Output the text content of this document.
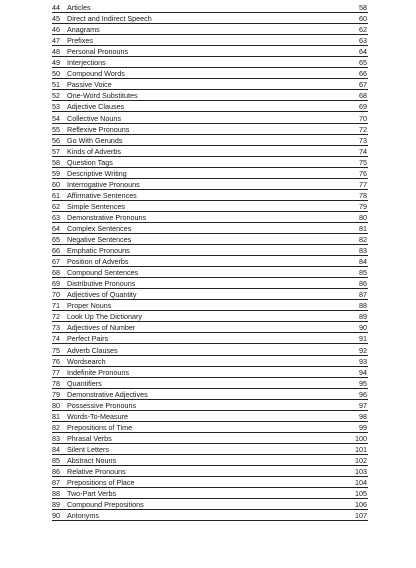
44 Articles	58
45 Direct and Indirect Speech	60
46 Anagrams	62
47 Prefixes	63
48 Personal Pronouns	64
49 Interjections	65
50 Compound Words	66
51 Passive Voice	67
52 One-Word Substitutes	68
53 Adjective Clauses	69
54 Collective Nouns	70
55 Reflexive Pronouns	72
56 Go With Gerunds	73
57 Kinds of Adverbs	74
58 Question Tags	75
59 Descriptive Writing	76
60 Interrogative Pronouns	77
61 Affirmative Sentences	78
62 Simple Sentences	79
63 Demonstrative Pronouns	80
64 Complex Sentences	81
65 Negative Sentences	82
66 Emphatic Pronouns	83
67 Position of Adverbs	84
68 Compound Sentences	85
69 Distributive Pronouns	86
70 Adjectives of Quantity	87
71 Proper Nouns	88
72 Look Up The Dictionary	89
73 Adjectives of Number	90
74 Perfect Pairs	91
75 Adverb Clauses	92
76 Wordsearch	93
77 Indefinite Pronouns	94
78 Quantifiers	95
79 Demonstrative Adjectives	96
80 Possessive Pronouns	97
81 Words-To-Measure	98
82 Prepositions of Time	99
83 Phrasal Verbs	100
84 Silent Letters	101
85 Abstract Nouns	102
86 Relative Pronouns	103
87 Prepositions of Place	104
88 Two-Part Verbs	105
89 Compound Prepositions	106
90 Antonyms	107
